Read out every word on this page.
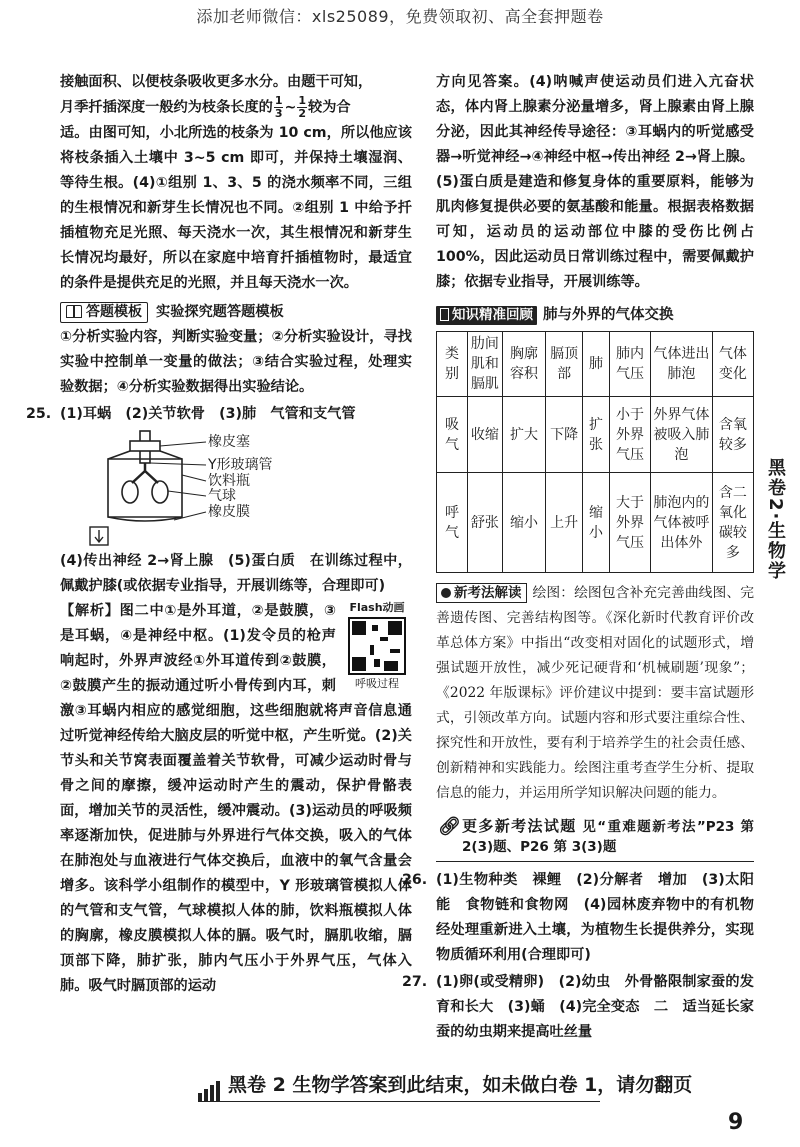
添加老师微信：xls25089，免费领取初、高全套押题卷

接触面积、以便枝条吸收更多水分。由题干可知，

月季扦插深度一般约为枝条长度的 $\frac{1}{3}$ ~ $\frac{1}{2}$ 较为合

适。由图可知，小北所选的枝条为 10 cm，所以他应该将枝条插入土壤中 3~5 cm 即可，并保持土壤湿润、等待生根。(4)①组别 1、3、5 的浇水频率不同，三组的生根情况和新芽生长情况也不同。②组别 1 中给予扦插植物充足光照、每天浇水一次，其生根情况和新芽生长情况均最好，所以在家庭中培育扦插植物时，最适宜的条件是提供充足的光照，并且每天浇水一次。

答题模板 实验探究题答题模板

①分析实验内容，判断实验变量；②分析实验设计，寻找实验中控制单一变量的做法；③结合实验过程，处理实验数据；④分析实验数据得出实验结论。

25. (1)耳蜗　(2)关节软骨　(3)肺　气管和支气管

橡皮塞
Y形玻璃管
饮料瓶
气球
橡皮膜

(4)传出神经 2→肾上腺　(5)蛋白质　在训练过程中，佩戴护膝(或依据专业指导，开展训练等，合理即可)

Flash动画
呼吸过程

【解析】图二中①是外耳道，②是鼓膜，③是耳蜗，④是神经中枢。(1)发令员的枪声响起时，外界声波经①外耳道传到②鼓膜，②鼓膜产生的振动通过听小骨传到内耳，刺激③耳蜗内相应的感觉细胞，这些细胞就将声音信息通过听觉神经传给大脑皮层的听觉中枢，产生听觉。(2)关节头和关节窝表面覆盖着关节软骨，可减少运动时骨与骨之间的摩擦，缓冲运动时产生的震动，保护骨骼表面，增加关节的灵活性，缓冲震动。(3)运动员的呼吸频率逐渐加快，促进肺与外界进行气体交换，吸入的气体在肺泡处与血液进行气体交换后，血液中的氧气含量会增多。该科学小组制作的模型中，Y 形玻璃管模拟人体的气管和支气管，气球模拟人体的肺，饮料瓶模拟人体的胸廓，橡皮膜模拟人体的膈。吸气时，膈肌收缩，膈顶部下降，肺扩张，肺内气压小于外界气压，气体入肺。吸气时膈顶部的运动

方向见答案。(4)呐喊声使运动员们进入亢奋状态，体内肾上腺素分泌量增多，肾上腺素由肾上腺分泌，因此其神经传导途径：③耳蜗内的听觉感受器→听觉神经→④神经中枢→传出神经 2→肾上腺。(5)蛋白质是建造和修复身体的重要原料，能够为肌肉修复提供必要的氨基酸和能量。根据表格数据可知，运动员的运动部位中膝的受伤比例占 100%，因此运动员日常训练过程中，需要佩戴护膝；依据专业指导，开展训练等。

知识精准回顾 肺与外界的气体交换
类别	肋间肌和膈肌	胸廓容积	膈顶部	肺	肺内气压	气体进出肺泡	气体变化
吸气	收缩	扩大	下降	扩张	小于外界气压	外界气体被吸入肺泡	含氧较多
呼气	舒张	缩小	上升	缩小	大于外界气压	肺泡内的气体被呼出体外	含二氧化碳较多

新考法解读 绘图：绘图包含补充完善曲线图、完善遗传图、完善结构图等。《深化新时代教育评价改革总体方案》中指出“改变相对固化的试题形式，增强试题开放性，减少死记硬背和‘机械刷题’现象”；《2022 年版课标》评价建议中提到：要丰富试题形式，引领改革方向。试题内容和形式要注重综合性、探究性和开放性，要有利于培养学生的社会责任感、创新精神和实践能力。绘图注重考查学生分析、提取信息的能力，并运用所学知识解决问题的能力。

🔗︎ 更多新考法试题 见“重难题新考法”P23 第 2(3)题、P26 第 3(3)题
26. (1)生物种类　裸鲤　(2)分解者　增加　(3)太阳能　食物链和食物网　(4)园林废弃物中的有机物经处理重新进入土壤，为植物生长提供养分，实现物质循环利用(合理即可)

27. (1)卵(或受精卵)　(2)幼虫　外骨骼限制家蚕的发育和长大　(3)蛹　(4)完全变态　二　适当延长家蚕的幼虫期来提高吐丝量

黑卷2·生物学
黑卷 2 生物学答案到此结束，如未做白卷 1，请勿翻页
9
